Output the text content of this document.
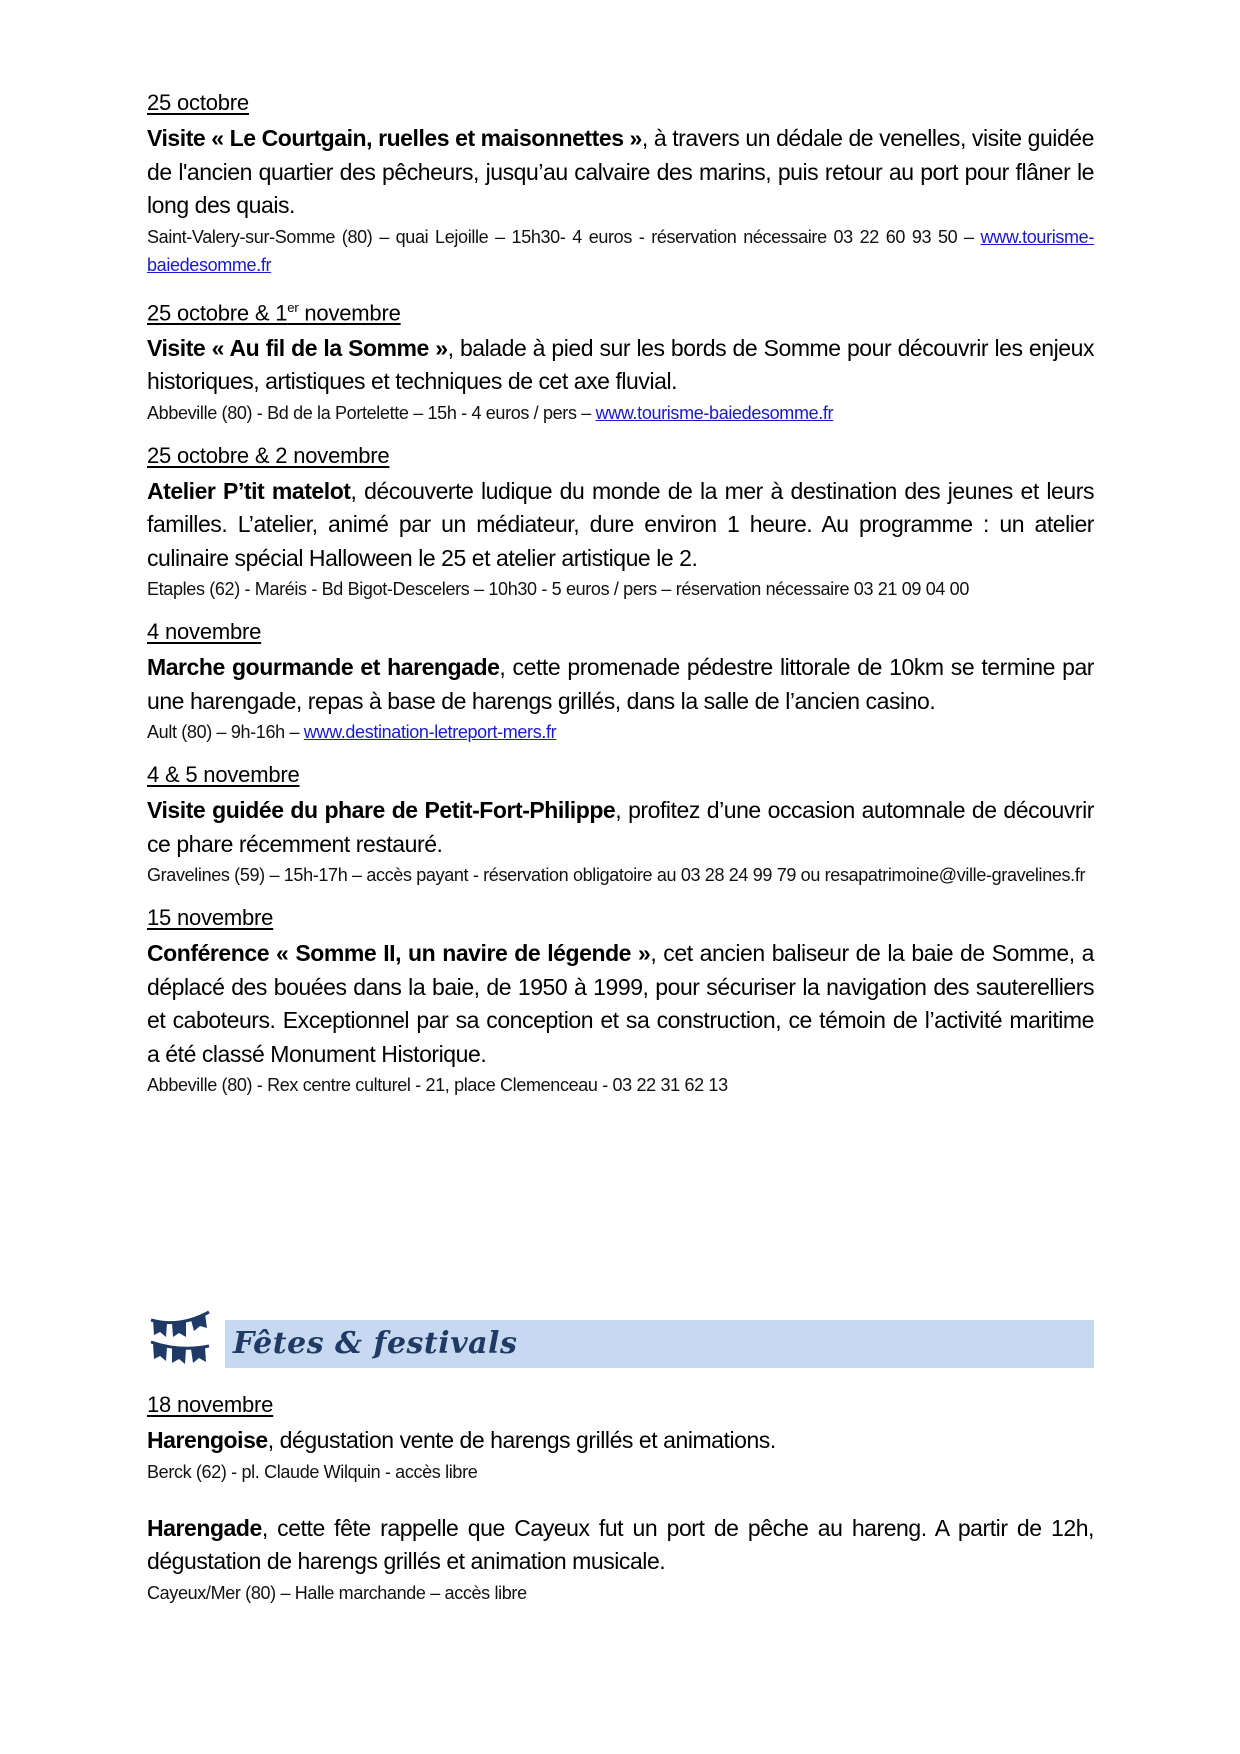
25 octobre

Visite « Le Courtgain, ruelles et maisonnettes », à travers un dédale de venelles, visite guidée de l'ancien quartier des pêcheurs, jusqu’au calvaire des marins, puis retour au port pour flâner le long des quais.

Saint-Valery-sur-Somme (80) – quai Lejoille – 15h30- 4 euros - réservation nécessaire 03 22 60 93 50 – www.tourisme-baiedesomme.fr

25 octobre & 1er novembre

Visite « Au fil de la Somme », balade à pied sur les bords de Somme pour découvrir les enjeux historiques, artistiques et techniques de cet axe fluvial.

Abbeville (80) - Bd de la Portelette – 15h - 4 euros / pers – www.tourisme-baiedesomme.fr

25 octobre & 2 novembre

Atelier P’tit matelot, découverte ludique du monde de la mer à destination des jeunes et leurs familles. L’atelier, animé par un médiateur, dure environ 1 heure. Au programme : un atelier culinaire spécial Halloween le 25 et atelier artistique le 2.

Etaples (62) - Maréis - Bd Bigot-Descelers – 10h30 - 5 euros / pers – réservation nécessaire 03 21 09 04 00

4 novembre

Marche gourmande et harengade, cette promenade pédestre littorale de 10km se termine par une harengade, repas à base de harengs grillés, dans la salle de l’ancien casino.

Ault (80) – 9h-16h – www.destination-letreport-mers.fr

4 & 5 novembre

Visite guidée du phare de Petit-Fort-Philippe, profitez d’une occasion automnale de découvrir ce phare récemment restauré.

Gravelines (59) – 15h-17h – accès payant - réservation obligatoire au 03 28 24 99 79 ou resapatrimoine@ville-gravelines.fr

15 novembre

Conférence « Somme II, un navire de légende », cet ancien baliseur de la baie de Somme, a déplacé des bouées dans la baie, de 1950 à 1999, pour sécuriser la navigation des sauterelliers et caboteurs. Exceptionnel par sa conception et sa construction, ce témoin de l’activité maritime a été classé Monument Historique.

Abbeville (80) - Rex centre culturel - 21, place Clemenceau - 03 22 31 62 13

Fêtes & festivals

18 novembre

Harengoise, dégustation vente de harengs grillés et animations.

Berck (62) - pl. Claude Wilquin - accès libre

Harengade, cette fête rappelle que Cayeux fut un port de pêche au hareng. A partir de 12h, dégustation de harengs grillés et animation musicale.

Cayeux/Mer (80) – Halle marchande – accès libre
